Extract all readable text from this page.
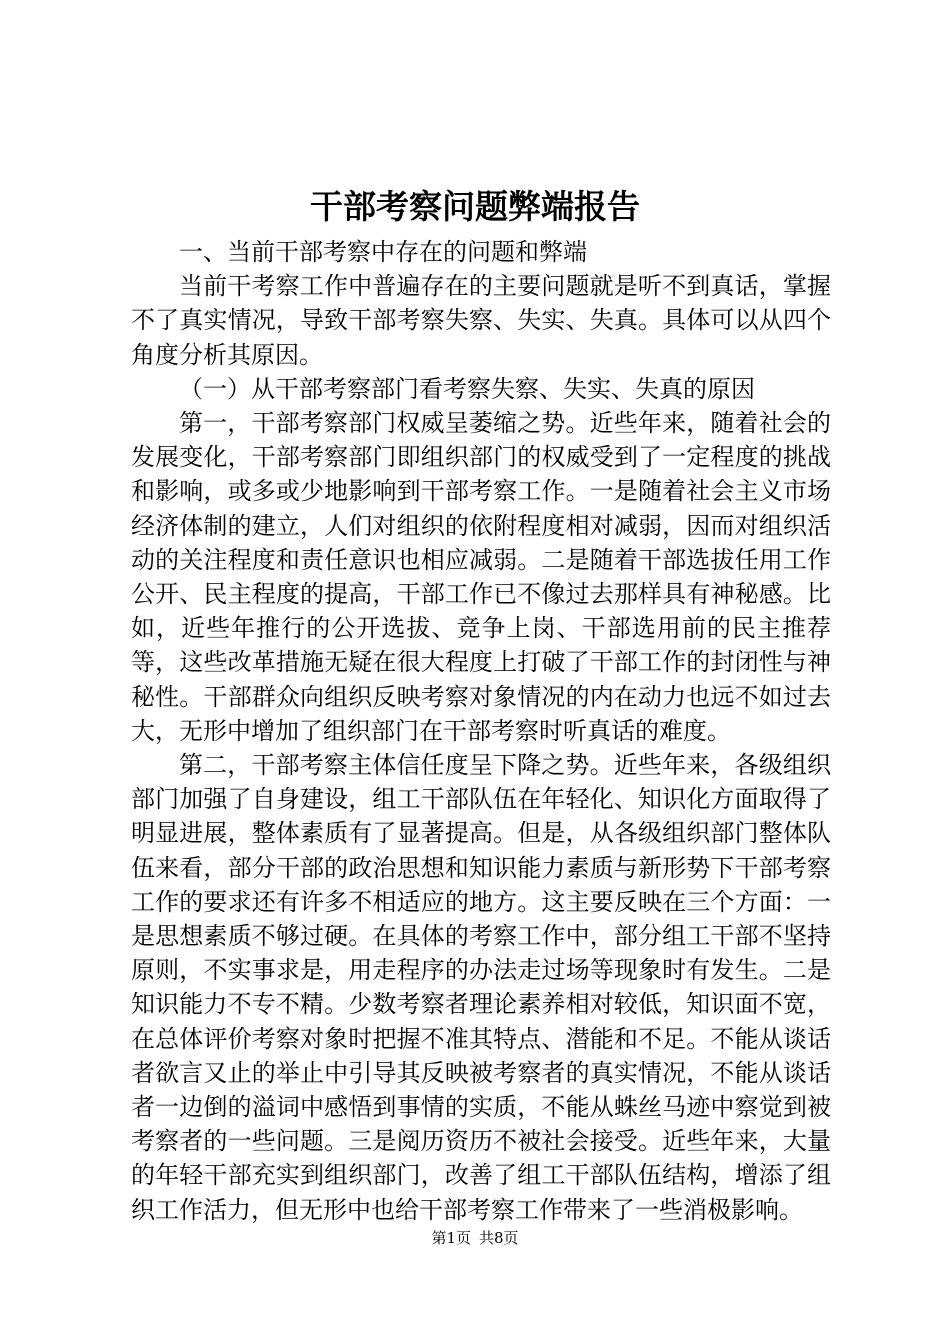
干部考察问题弊端报告

一、当前干部考察中存在的问题和弊端

当前干考察工作中普遍存在的主要问题就是听不到真话，掌握不了真实情况，导致干部考察失察、失实、失真。具体可以从四个角度分析其原因。

（一）从干部考察部门看考察失察、失实、失真的原因

第一，干部考察部门权威呈萎缩之势。近些年来，随着社会的发展变化，干部考察部门即组织部门的权威受到了一定程度的挑战和影响，或多或少地影响到干部考察工作。一是随着社会主义市场经济体制的建立，人们对组织的依附程度相对减弱，因而对组织活动的关注程度和责任意识也相应减弱。二是随着干部选拔任用工作公开、民主程度的提高，干部工作已不像过去那样具有神秘感。比如，近些年推行的公开选拔、竞争上岗、干部选用前的民主推荐等，这些改革措施无疑在很大程度上打破了干部工作的封闭性与神秘性。干部群众向组织反映考察对象情况的内在动力也远不如过去大，无形中增加了组织部门在干部考察时听真话的难度。

第二，干部考察主体信任度呈下降之势。近些年来，各级组织部门加强了自身建设，组工干部队伍在年轻化、知识化方面取得了明显进展，整体素质有了显著提高。但是，从各级组织部门整体队伍来看，部分干部的政治思想和知识能力素质与新形势下干部考察工作的要求还有许多不相适应的地方。这主要反映在三个方面：一是思想素质不够过硬。在具体的考察工作中，部分组工干部不坚持原则，不实事求是，用走程序的办法走过场等现象时有发生。二是知识能力不专不精。少数考察者理论素养相对较低，知识面不宽，在总体评价考察对象时把握不准其特点、潜能和不足。不能从谈话者欲言又止的举止中引导其反映被考察者的真实情况，不能从谈话者一边倒的溢词中感悟到事情的实质，不能从蛛丝马迹中察觉到被考察者的一些问题。三是阅历资历不被社会接受。近些年来，大量的年轻干部充实到组织部门，改善了组工干部队伍结构，增添了组织工作活力，但无形中也给干部考察工作带来了一些消极影响。

第1页 共8页
